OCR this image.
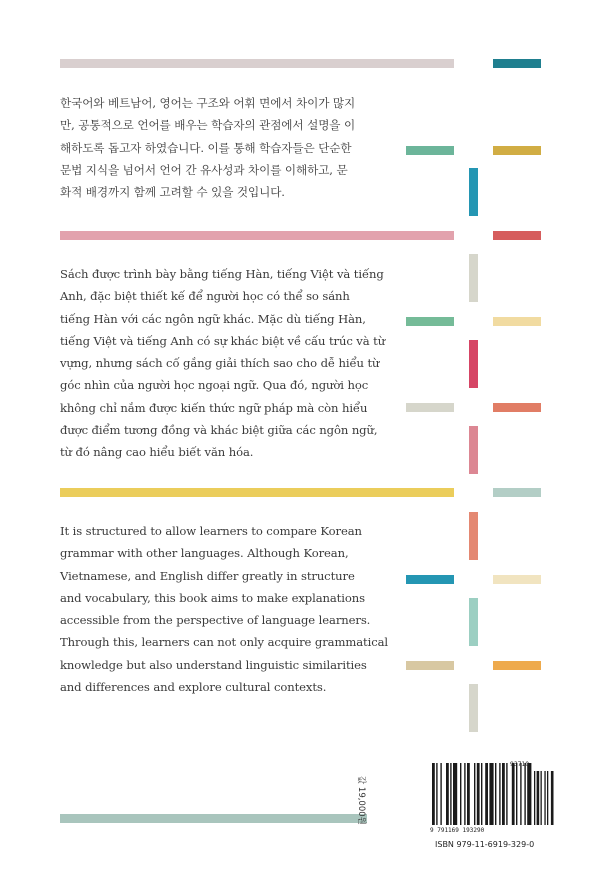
한국어와 베트남어, 영어는 구조와 어휘 면에서 차이가 많지
만, 공통적으로 언어를 배우는 학습자의 관점에서 설명을 이
해하도록 돕고자 하였습니다. 이를 통해 학습자들은 단순한
문법 지식을 넘어서 언어 간 유사성과 차이를 이해하고, 문
화적 배경까지 함께 고려할 수 있을 것입니다.

Sách được trình bày bằng tiếng Hàn, tiếng Việt và tiếng
Anh, đặc biệt thiết kế để người học có thể so sánh
tiếng Hàn với các ngôn ngữ khác. Mặc dù tiếng Hàn,
tiếng Việt và tiếng Anh có sự khác biệt về cấu trúc và từ
vựng, nhưng sách cố gắng giải thích sao cho dễ hiểu từ
góc nhìn của người học ngoại ngữ. Qua đó, người học
không chỉ nắm được kiến thức ngữ pháp mà còn hiểu
được điểm tương đồng và khác biệt giữa các ngôn ngữ,
từ đó nâng cao hiểu biết văn hóa.

It is structured to allow learners to compare Korean
grammar with other languages. Although Korean,
Vietnamese, and English differ greatly in structure
and vocabulary, this book aims to make explanations
accessible from the perspective of language learners.
Through this, learners can not only acquire grammatical
knowledge but also understand linguistic similarities
and differences and explore cultural contexts.

값 19,000원
93710
9 791169 193290
ISBN 979-11-6919-329-0
